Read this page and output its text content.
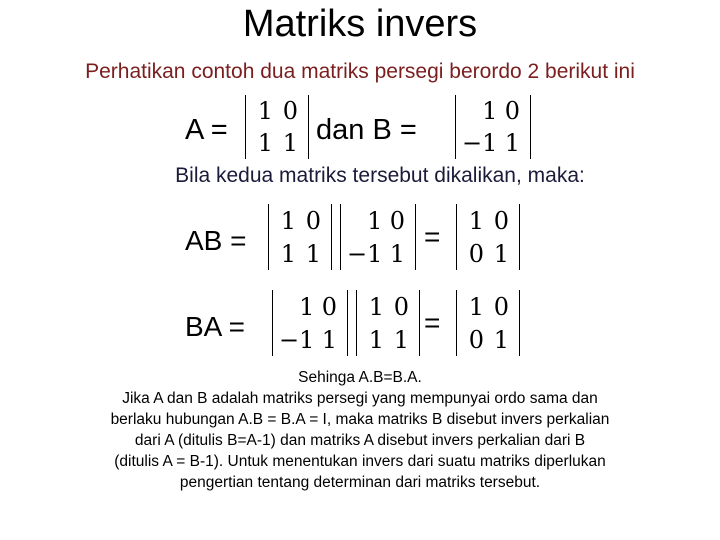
Matriks invers
Perhatikan contoh dua matriks persegi berordo 2 berikut ini
A =
1 0
1 1 dan B =
1 0
−1 1
Bila kedua matriks tersebut dikalikan, maka:
AB =
1 0
1 1
1 0
−1 1
=
1 0
0 1
BA =
1 0
−1 1
1 0
1 1
=
1 0
0 1
Sehinga A.B=B.A.
Jika A dan B adalah matriks persegi yang mempunyai ordo sama dan
berlaku hubungan A.B = B.A = I, maka matriks B disebut invers perkalian
dari A (ditulis B=A-1) dan matriks A disebut invers perkalian dari B
(ditulis A = B-1). Untuk menentukan invers dari suatu matriks diperlukan
pengertian tentang determinan dari matriks tersebut.
